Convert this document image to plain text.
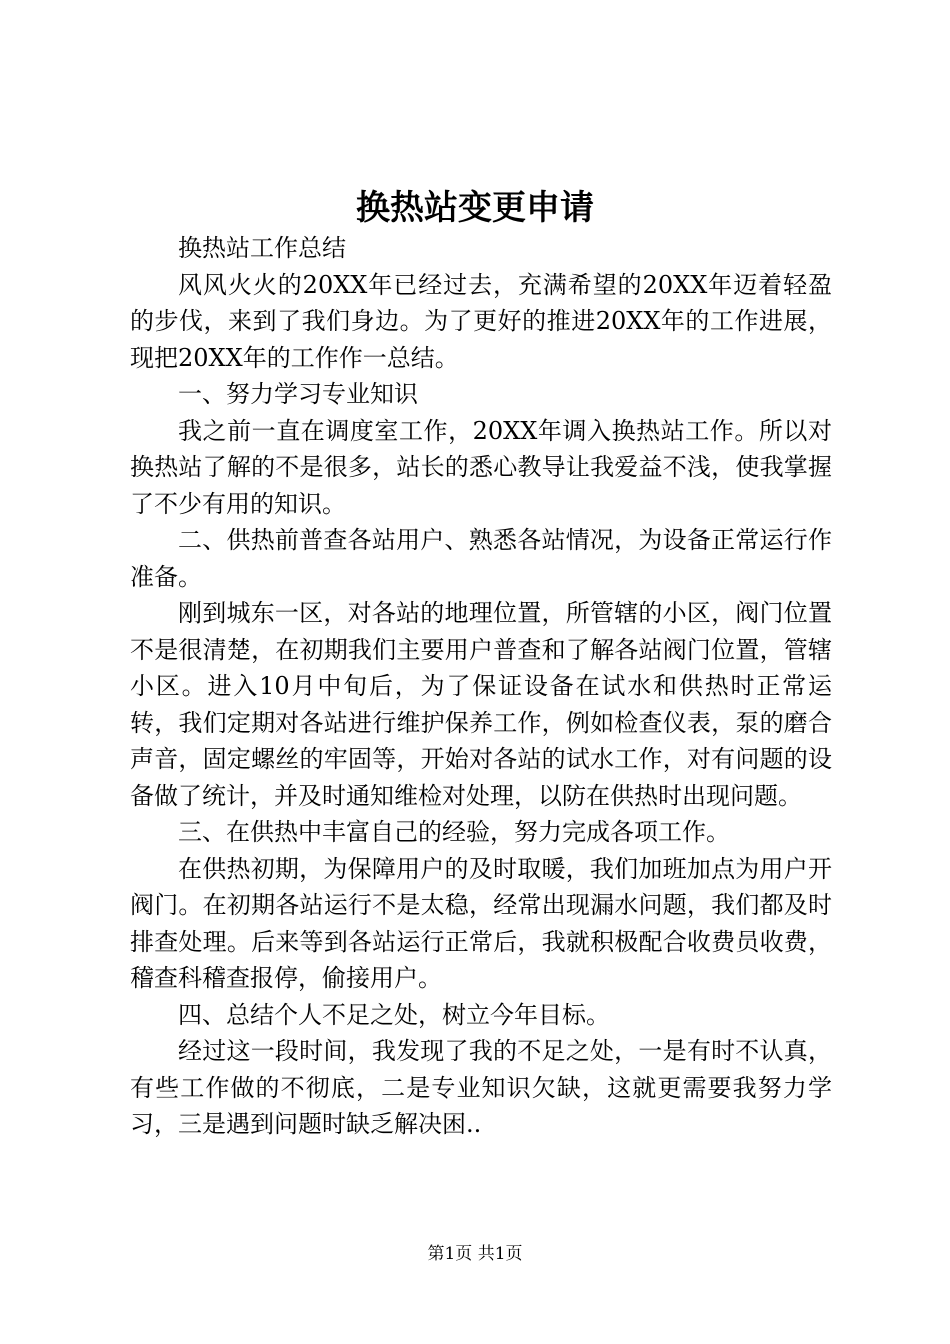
换热站变更申请

换热站工作总结

风风火火的20XX年已经过去，充满希望的20XX年迈着轻盈的步伐，来到了我们身边。为了更好的推进20XX年的工作进展，现把20XX年的工作作一总结。

一、努力学习专业知识

我之前一直在调度室工作，20XX年调入换热站工作。所以对换热站了解的不是很多，站长的悉心教导让我爱益不浅，使我掌握了不少有用的知识。

二、供热前普查各站用户、熟悉各站情况，为设备正常运行作准备。

刚到城东一区，对各站的地理位置，所管辖的小区，阀门位置不是很清楚，在初期我们主要用户普查和了解各站阀门位置，管辖小区。进入10月中旬后，为了保证设备在试水和供热时正常运转，我们定期对各站进行维护保养工作，例如检查仪表，泵的磨合声音，固定螺丝的牢固等，开始对各站的试水工作，对有问题的设备做了统计，并及时通知维检对处理，以防在供热时出现问题。

三、在供热中丰富自己的经验，努力完成各项工作。

在供热初期，为保障用户的及时取暖，我们加班加点为用户开阀门。在初期各站运行不是太稳，经常出现漏水问题，我们都及时排查处理。后来等到各站运行正常后，我就积极配合收费员收费，稽查科稽查报停，偷接用户。

四、总结个人不足之处，树立今年目标。

经过这一段时间，我发现了我的不足之处，一是有时不认真，有些工作做的不彻底，二是专业知识欠缺，这就更需要我努力学习，三是遇到问题时缺乏解决困..

第1页 共1页
